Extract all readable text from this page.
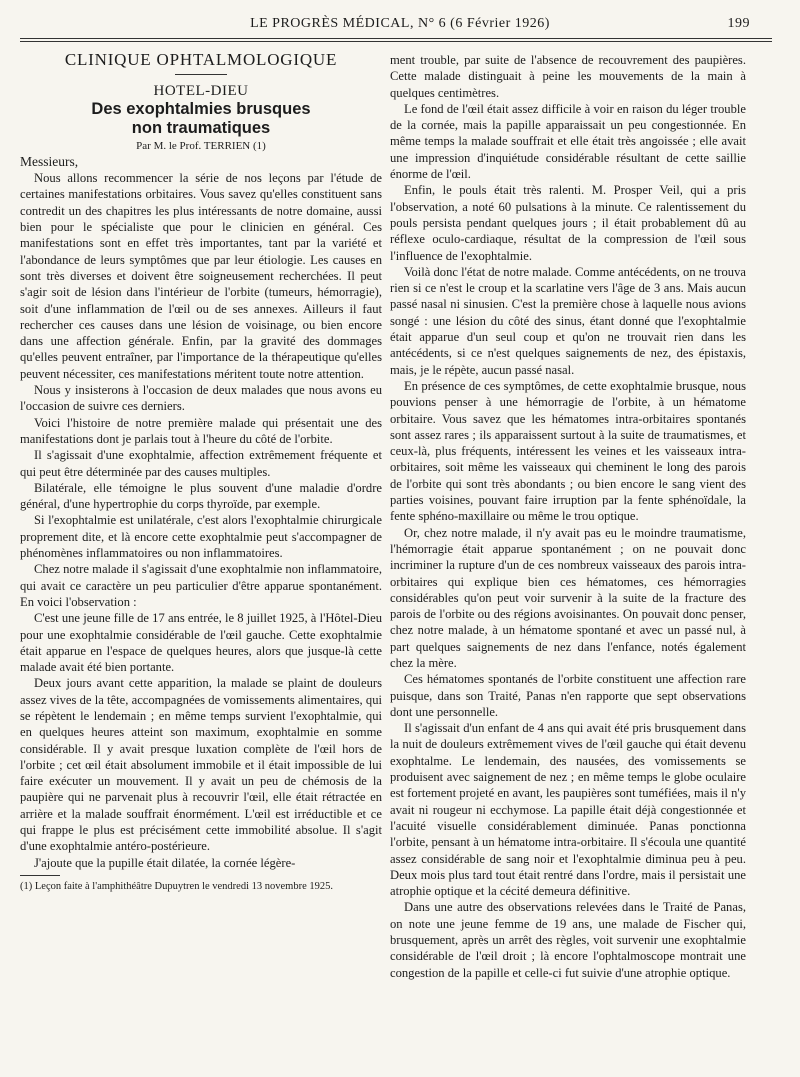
LE PROGRÈS MÉDICAL, N° 6 (6 Février 1926)	199

CLINIQUE OPHTALMOLOGIQUE

HOTEL-DIEU

Des exophtalmies brusques

non traumatiques

Par M. le Prof. TERRIEN (1)

Messieurs,

Nous allons recommencer la série de nos leçons par l'étude de certaines manifestations orbitaires. Vous savez qu'elles constituent sans contredit un des chapitres les plus intéressants de notre domaine, aussi bien pour le spécialiste que pour le clinicien en général. Ces manifestations sont en effet très importantes, tant par la variété et l'abondance de leurs symptômes que par leur étiologie. Les causes en sont très diverses et doivent être soigneusement recherchées. Il peut s'agir soit de lésion dans l'intérieur de l'orbite (tumeurs, hémorragie), soit d'une inflammation de l'œil ou de ses annexes. Ailleurs il faut rechercher ces causes dans une lésion de voisinage, ou bien encore dans une affection générale. Enfin, par la gravité des dommages qu'elles peuvent entraîner, par l'importance de la thérapeutique qu'elles peuvent nécessiter, ces manifestations méritent toute notre attention.

Nous y insisterons à l'occasion de deux malades que nous avons eu l'occasion de suivre ces derniers.

Voici l'histoire de notre première malade qui présentait une des manifestations dont je parlais tout à l'heure du côté de l'orbite.

Il s'agissait d'une exophtalmie, affection extrêmement fréquente et qui peut être déterminée par des causes multiples.

Bilatérale, elle témoigne le plus souvent d'une maladie d'ordre général, d'une hypertrophie du corps thyroïde, par exemple.

Si l'exophtalmie est unilatérale, c'est alors l'exophtalmie chirurgicale proprement dite, et là encore cette exophtalmie peut s'accompagner de phénomènes inflammatoires ou non inflammatoires.

Chez notre malade il s'agissait d'une exophtalmie non inflammatoire, qui avait ce caractère un peu particulier d'être apparue spontanément. En voici l'observation :

C'est une jeune fille de 17 ans entrée, le 8 juillet 1925, à l'Hôtel-Dieu pour une exophtalmie considérable de l'œil gauche. Cette exophtalmie était apparue en l'espace de quelques heures, alors que jusque-là cette malade avait été bien portante.

Deux jours avant cette apparition, la malade se plaint de douleurs assez vives de la tête, accompagnées de vomissements alimentaires, qui se répètent le lendemain ; en même temps survient l'exophtalmie, qui en quelques heures atteint son maximum, exophtalmie en somme considérable. Il y avait presque luxation complète de l'œil hors de l'orbite ; cet œil était absolument immobile et il était impossible de lui faire exécuter un mouvement. Il y avait un peu de chémosis de la paupière qui ne parvenait plus à recouvrir l'œil, elle était rétractée en arrière et la malade souffrait énormément. L'œil est irréductible et ce qui frappe le plus est précisément cette immobilité absolue. Il s'agit d'une exophtalmie antéro-postérieure.

J'ajoute que la pupille était dilatée, la cornée légère-

(1) Leçon faite à l'amphithéâtre Dupuytren le vendredi 13 novembre 1925.

ment trouble, par suite de l'absence de recouvrement des paupières. Cette malade distinguait à peine les mouvements de la main à quelques centimètres.

Le fond de l'œil était assez difficile à voir en raison du léger trouble de la cornée, mais la papille apparaissait un peu congestionnée. En même temps la malade souffrait et elle était très angoissée ; elle avait une impression d'inquiétude considérable résultant de cette saillie énorme de l'œil.

Enfin, le pouls était très ralenti. M. Prosper Veil, qui a pris l'observation, a noté 60 pulsations à la minute. Ce ralentissement du pouls persista pendant quelques jours ; il était probablement dû au réflexe oculo-cardiaque, résultat de la compression de l'œil sous l'influence de l'exophtalmie.

Voilà donc l'état de notre malade. Comme antécédents, on ne trouva rien si ce n'est le croup et la scarlatine vers l'âge de 3 ans. Mais aucun passé nasal ni sinusien. C'est la première chose à laquelle nous avions songé : une lésion du côté des sinus, étant donné que l'exophtalmie était apparue d'un seul coup et qu'on ne trouvait rien dans les antécédents, si ce n'est quelques saignements de nez, des épistaxis, mais, je le répète, aucun passé nasal.

En présence de ces symptômes, de cette exophtalmie brusque, nous pouvions penser à une hémorragie de l'orbite, à un hématome orbitaire. Vous savez que les hématomes intra-orbitaires spontanés sont assez rares ; ils apparaissent surtout à la suite de traumatismes, et ceux-là, plus fréquents, intéressent les veines et les vaisseaux intra-orbitaires, soit même les vaisseaux qui cheminent le long des parois de l'orbite qui sont très abondants ; ou bien encore le sang vient des parties voisines, pouvant faire irruption par la fente sphénoïdale, la fente sphéno-maxillaire ou même le trou optique.

Or, chez notre malade, il n'y avait pas eu le moindre traumatisme, l'hémorragie était apparue spontanément ; on ne pouvait donc incriminer la rupture d'un de ces nombreux vaisseaux des parois intra-orbitaires qui explique bien ces hématomes, ces hémorragies considérables qu'on peut voir survenir à la suite de la fracture des parois de l'orbite ou des régions avoisinantes. On pouvait donc penser, chez notre malade, à un hématome spontané et avec un passé nul, à part quelques saignements de nez dans l'enfance, notés également chez la mère.

Ces hématomes spontanés de l'orbite constituent une affection rare puisque, dans son Traité, Panas n'en rapporte que sept observations dont une personnelle.

Il s'agissait d'un enfant de 4 ans qui avait été pris brusquement dans la nuit de douleurs extrêmement vives de l'œil gauche qui était devenu exophtalme. Le lendemain, des nausées, des vomissements se produisent avec saignement de nez ; en même temps le globe oculaire est fortement projeté en avant, les paupières sont tuméfiées, mais il n'y avait ni rougeur ni ecchymose. La papille était déjà congestionnée et l'acuité visuelle considérablement diminuée. Panas ponctionna l'orbite, pensant à un hématome intra-orbitaire. Il s'écoula une quantité assez considérable de sang noir et l'exophtalmie diminua peu à peu. Deux mois plus tard tout était rentré dans l'ordre, mais il persistait une atrophie optique et la cécité demeura définitive.

Dans une autre des observations relevées dans le Traité de Panas, on note une jeune femme de 19 ans, une malade de Fischer qui, brusquement, après un arrêt des règles, voit survenir une exophtalmie considérable de l'œil droit ; là encore l'ophtalmoscope montrait une congestion de la papille et celle-ci fut suivie d'une atrophie optique.
